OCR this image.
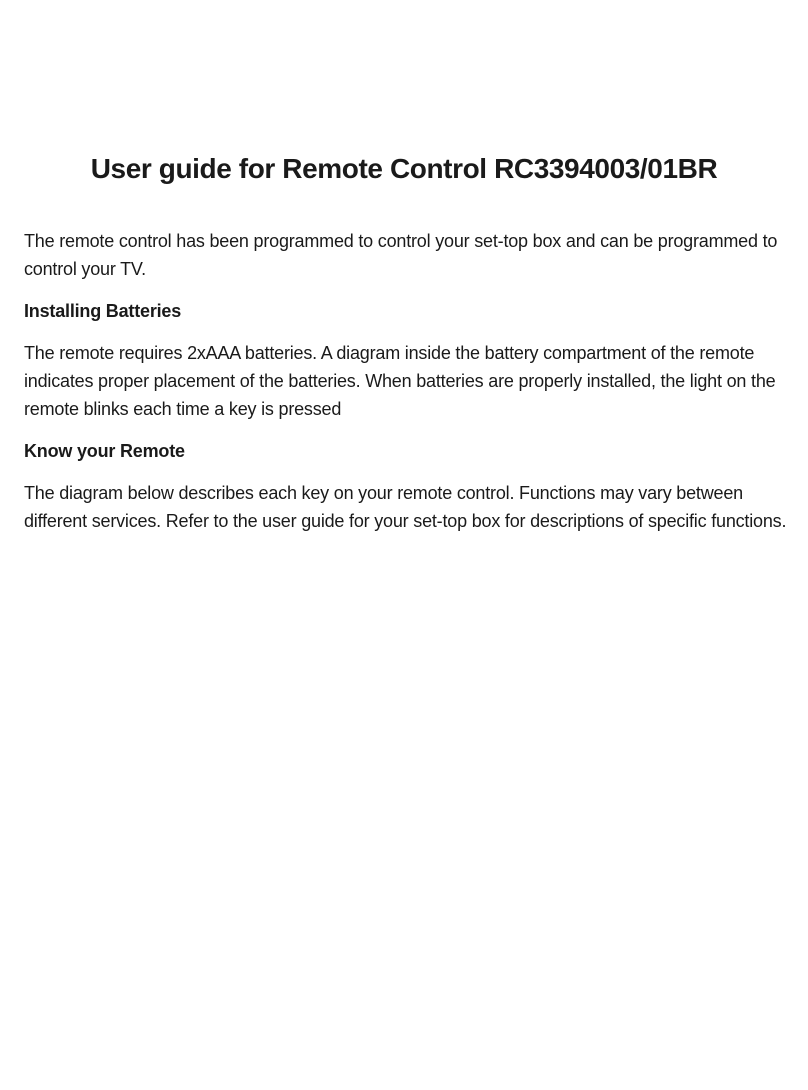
User guide for Remote Control RC3394003/01BR

The remote control has been programmed to control your set-top box and can be programmed to control your TV.

Installing Batteries

The remote requires 2xAAA batteries. A diagram inside the battery compartment of the remote indicates proper placement of the batteries. When batteries are properly installed, the light on the remote blinks each time a key is pressed

Know your Remote

The diagram below describes each key on your remote control. Functions may vary between different services. Refer to the user guide for your set-top box for descriptions of specific functions.
